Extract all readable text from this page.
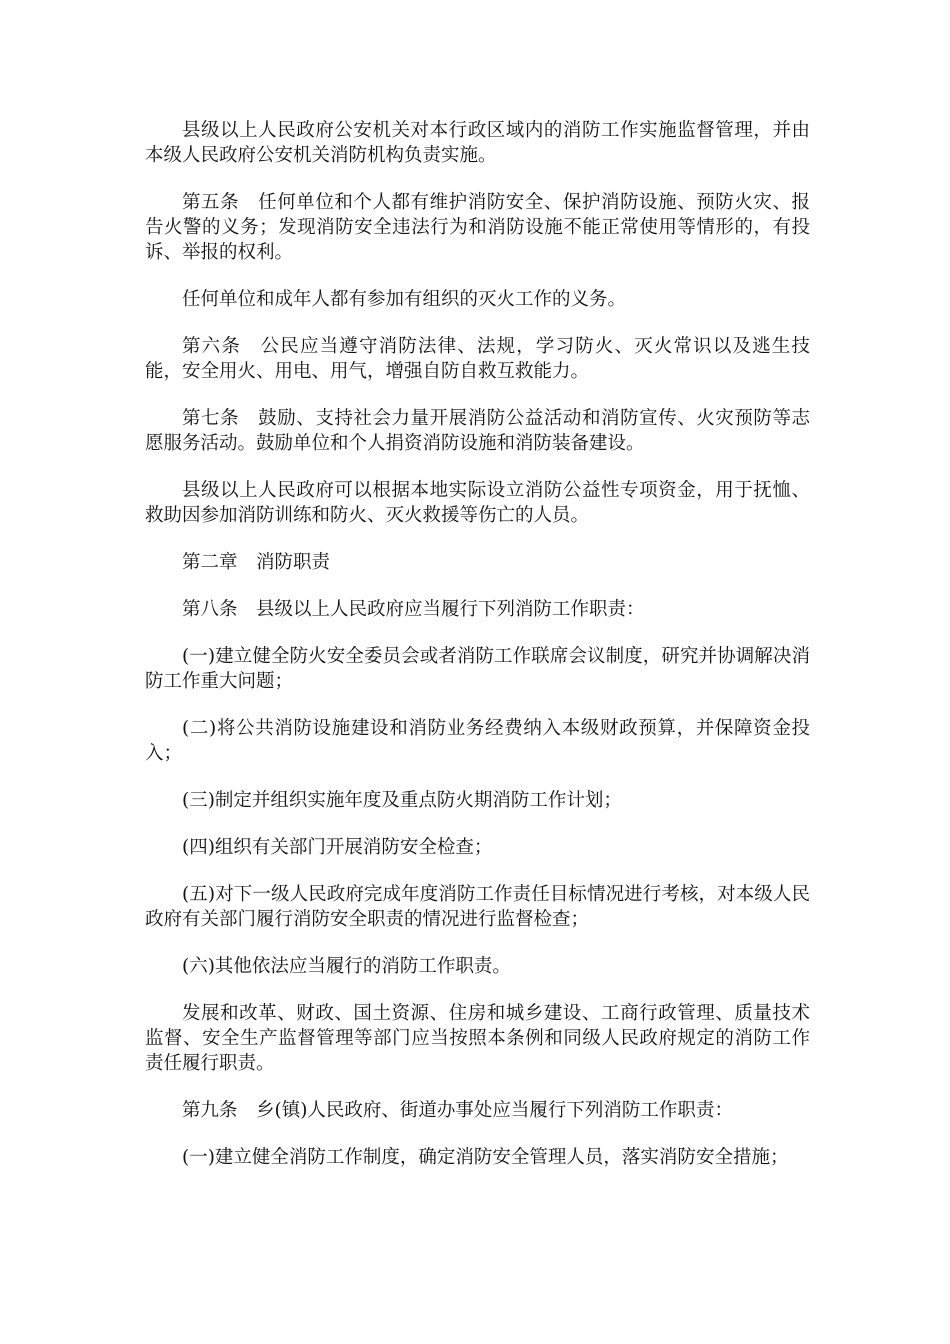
县级以上人民政府公安机关对本行政区域内的消防工作实施监督管理，并由本级人民政府公安机关消防机构负责实施。

第五条　任何单位和个人都有维护消防安全、保护消防设施、预防火灾、报告火警的义务；发现消防安全违法行为和消防设施不能正常使用等情形的，有投诉、举报的权利。

任何单位和成年人都有参加有组织的灭火工作的义务。

第六条　公民应当遵守消防法律、法规，学习防火、灭火常识以及逃生技能，安全用火、用电、用气，增强自防自救互救能力。

第七条　鼓励、支持社会力量开展消防公益活动和消防宣传、火灾预防等志愿服务活动。鼓励单位和个人捐资消防设施和消防装备建设。

县级以上人民政府可以根据本地实际设立消防公益性专项资金，用于抚恤、救助因参加消防训练和防火、灭火救援等伤亡的人员。

第二章　消防职责

第八条　县级以上人民政府应当履行下列消防工作职责：

(一)建立健全防火安全委员会或者消防工作联席会议制度，研究并协调解决消防工作重大问题；

(二)将公共消防设施建设和消防业务经费纳入本级财政预算，并保障资金投入；

(三)制定并组织实施年度及重点防火期消防工作计划；

(四)组织有关部门开展消防安全检查；

(五)对下一级人民政府完成年度消防工作责任目标情况进行考核，对本级人民政府有关部门履行消防安全职责的情况进行监督检查；

(六)其他依法应当履行的消防工作职责。

发展和改革、财政、国土资源、住房和城乡建设、工商行政管理、质量技术监督、安全生产监督管理等部门应当按照本条例和同级人民政府规定的消防工作责任履行职责。

第九条　乡(镇)人民政府、街道办事处应当履行下列消防工作职责：

(一)建立健全消防工作制度，确定消防安全管理人员，落实消防安全措施；
